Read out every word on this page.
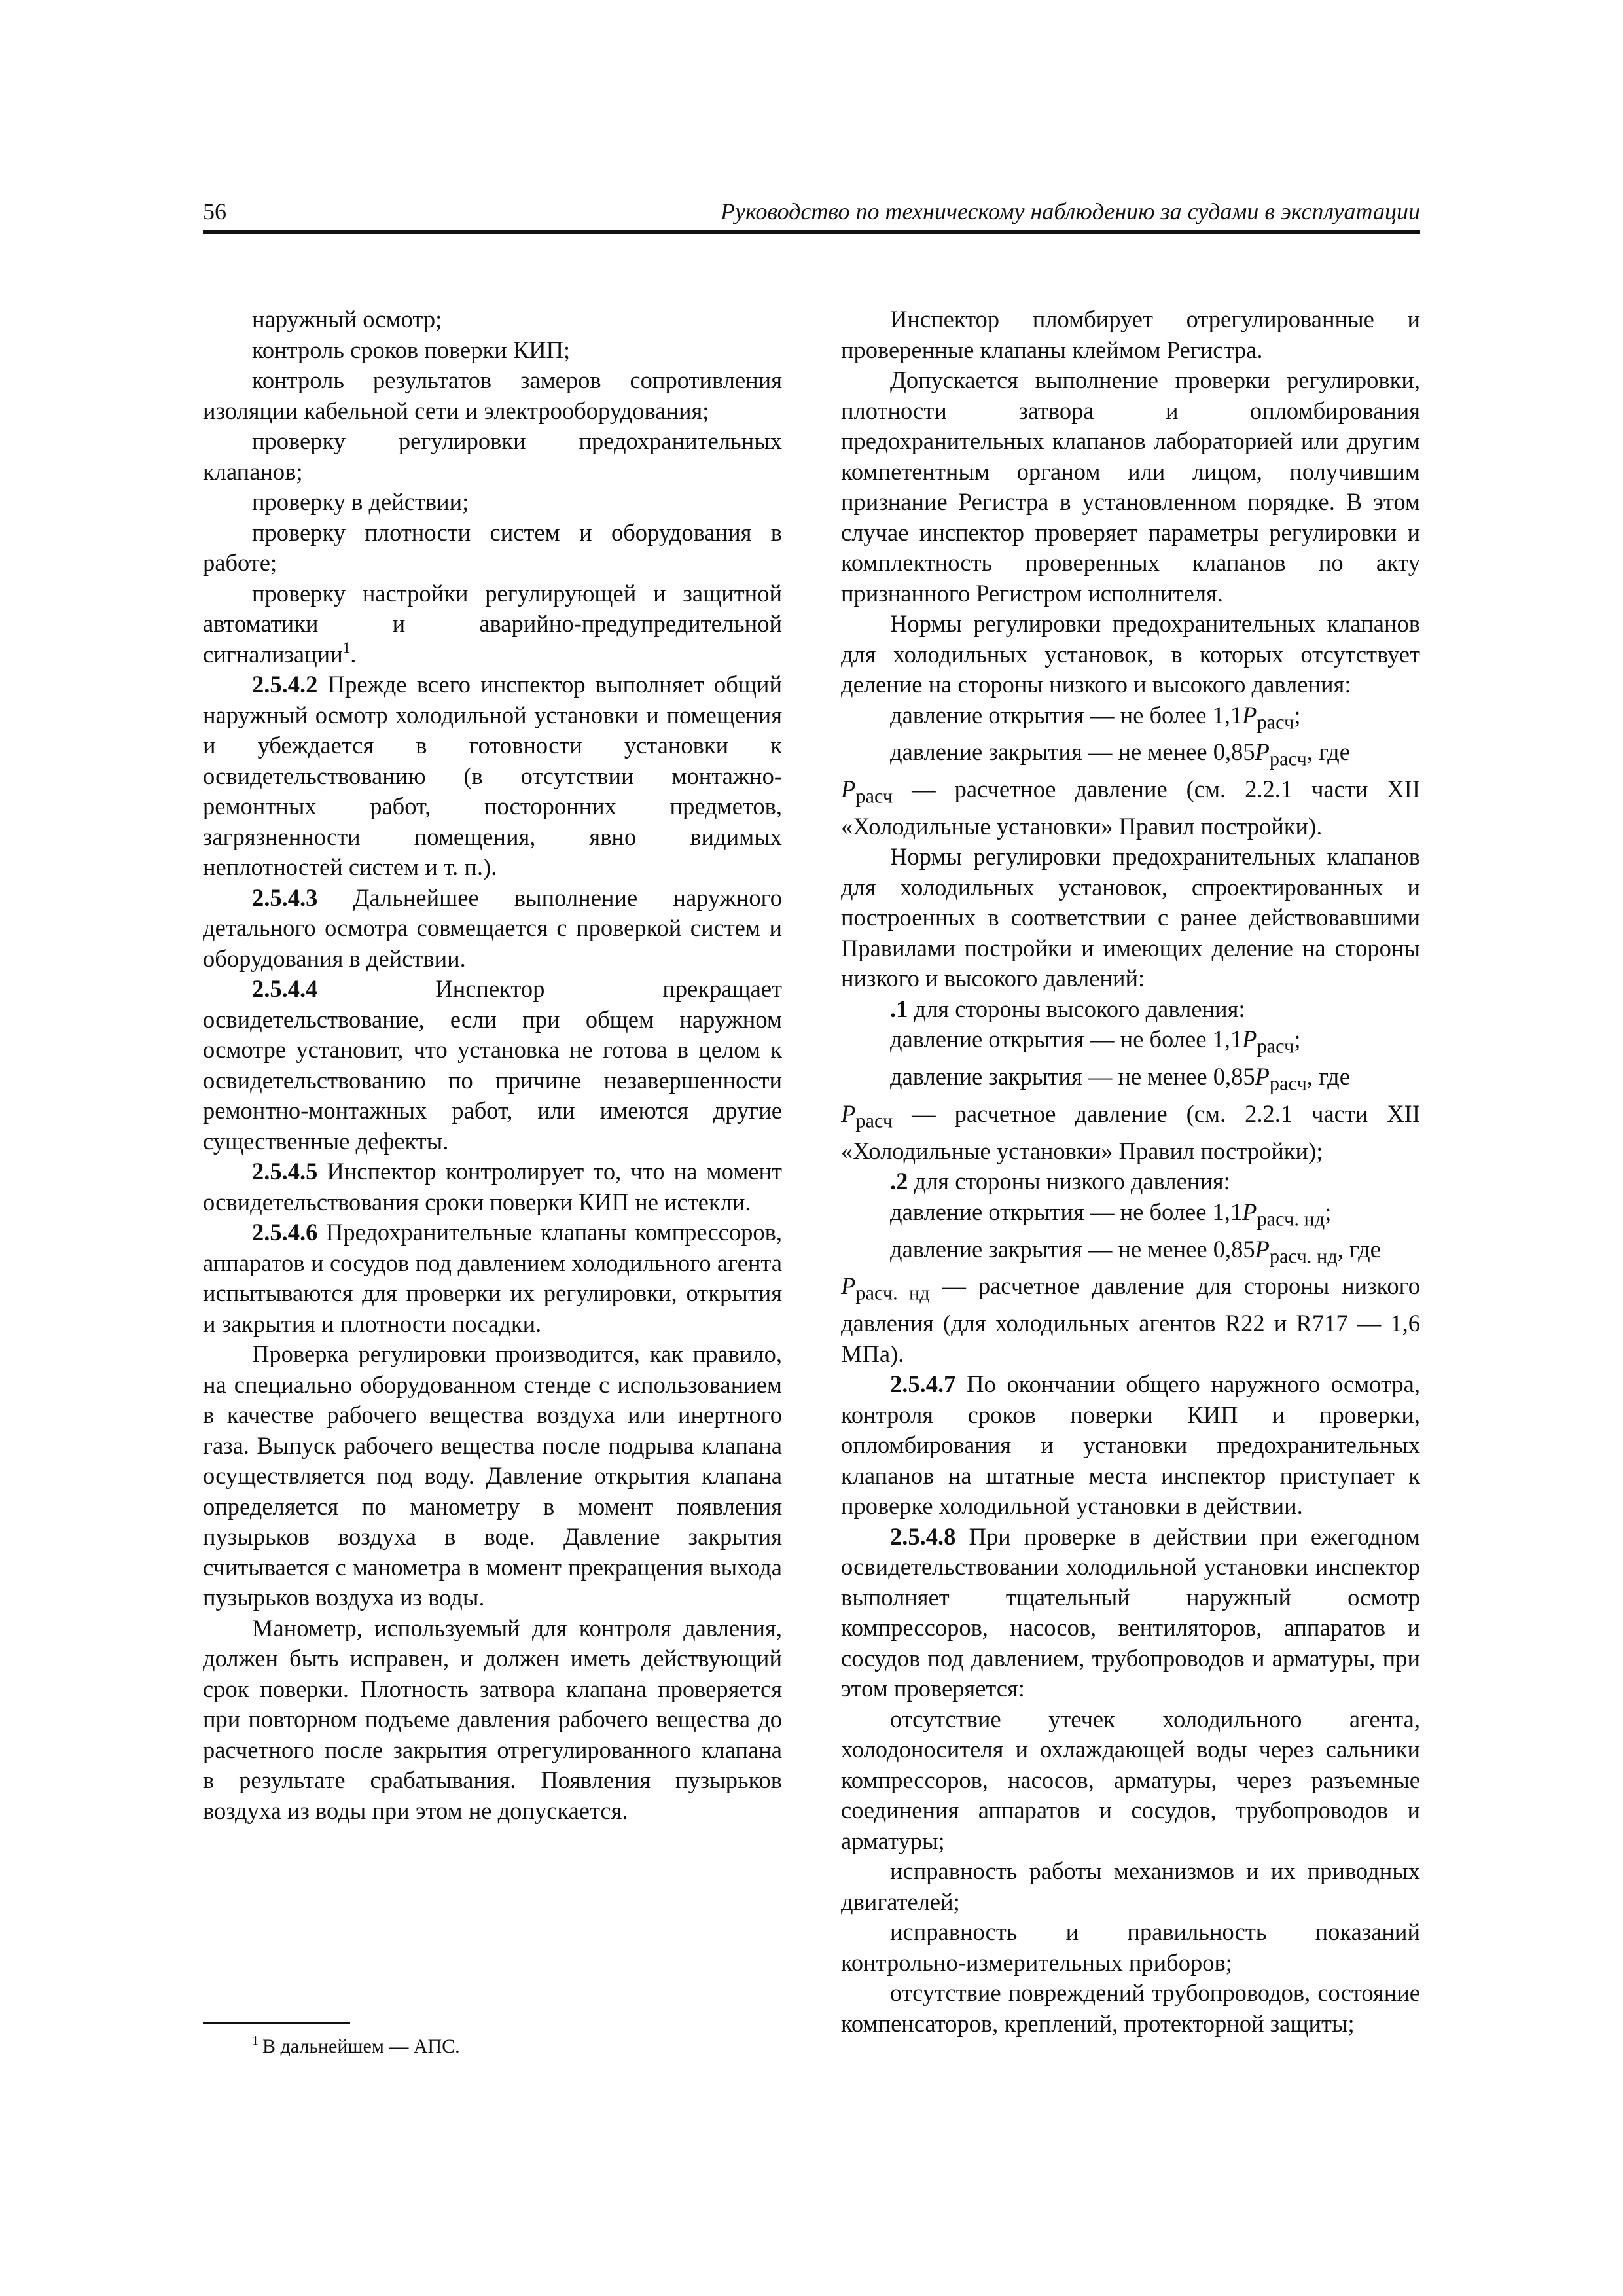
56	Руководство по техническому наблюдению за судами в эксплуатации

наружный осмотр;

контроль сроков поверки КИП;

контроль результатов замеров сопротивления изоляции кабельной сети и электрооборудования;

проверку регулировки предохранительных клапанов;

проверку в действии;

проверку плотности систем и оборудования в работе;

проверку настройки регулирующей и защитной автоматики и аварийно-предупредительной сигнализации$^1$.

2.5.4.2 Прежде всего инспектор выполняет общий наружный осмотр холодильной установки и помещения и убеждается в готовности установки к освидетельствованию (в отсутствии монтажно-ремонтных работ, посторонних предметов, загрязненности помещения, явно видимых неплотностей систем и т. п.).

2.5.4.3 Дальнейшее выполнение наружного детального осмотра совмещается с проверкой систем и оборудования в действии.

2.5.4.4 Инспектор прекращает освидетельствование, если при общем наружном осмотре установит, что установка не готова в целом к освидетельствованию по причине незавершенности ремонтно-монтажных работ, или имеются другие существенные дефекты.

2.5.4.5 Инспектор контролирует то, что на момент освидетельствования сроки поверки КИП не истекли.

2.5.4.6 Предохранительные клапаны компрессоров, аппаратов и сосудов под давлением холодильного агента испытываются для проверки их регулировки, открытия и закрытия и плотности посадки.

Проверка регулировки производится, как правило, на специально оборудованном стенде с использованием в качестве рабочего вещества воздуха или инертного газа. Выпуск рабочего вещества после подрыва клапана осуществляется под воду. Давление открытия клапана определяется по манометру в момент появления пузырьков воздуха в воде. Давление закрытия считывается с манометра в момент прекращения выхода пузырьков воздуха из воды.

Манометр, используемый для контроля давления, должен быть исправен, и должен иметь действующий срок поверки. Плотность затвора клапана проверяется при повторном подъеме давления рабочего вещества до расчетного после закрытия отрегулированного клапана в результате срабатывания. Появления пузырьков воздуха из воды при этом не допускается.

Инспектор пломбирует отрегулированные и проверенные клапаны клеймом Регистра.

Допускается выполнение проверки регулировки, плотности затвора и опломбирования предохранительных клапанов лабораторией или другим компетентным органом или лицом, получившим признание Регистра в установленном порядке. В этом случае инспектор проверяет параметры регулировки и комплектность проверенных клапанов по акту признанного Регистром исполнителя.

Нормы регулировки предохранительных клапанов для холодильных установок, в которых отсутствует деление на стороны низкого и высокого давления:

давление открытия — не более $1,1P_{расч}$;

давление закрытия — не менее $0,85P_{расч}$, где

$P_{расч}$ — расчетное давление (см. 2.2.1 части XII «Холодильные установки» Правил постройки).

Нормы регулировки предохранительных клапанов для холодильных установок, спроектированных и построенных в соответствии с ранее действовавшими Правилами постройки и имеющих деление на стороны низкого и высокого давлений:

.1 для стороны высокого давления:

давление открытия — не более $1,1P_{расч}$;

давление закрытия — не менее $0,85P_{расч}$, где

$P_{расч}$ — расчетное давление (см. 2.2.1 части XII «Холодильные установки» Правил постройки);

.2 для стороны низкого давления:

давление открытия — не более $1,1P_{расч. нд}$;

давление закрытия — не менее $0,85P_{расч. нд}$, где

$P_{расч. нд}$ — расчетное давление для стороны низкого давления (для холодильных агентов R22 и R717 — 1,6 МПа).

2.5.4.7 По окончании общего наружного осмотра, контроля сроков поверки КИП и проверки, опломбирования и установки предохранительных клапанов на штатные места инспектор приступает к проверке холодильной установки в действии.

2.5.4.8 При проверке в действии при ежегодном освидетельствовании холодильной установки инспектор выполняет тщательный наружный осмотр компрессоров, насосов, вентиляторов, аппаратов и сосудов под давлением, трубопроводов и арматуры, при этом проверяется:

отсутствие утечек холодильного агента, холодоносителя и охлаждающей воды через сальники компрессоров, насосов, арматуры, через разъемные соединения аппаратов и сосудов, трубопроводов и арматуры;

исправность работы механизмов и их приводных двигателей;

исправность и правильность показаний контрольно-измерительных приборов;

отсутствие повреждений трубопроводов, состояние компенсаторов, креплений, протекторной защиты;

$^1$ В дальнейшем — АПС.
